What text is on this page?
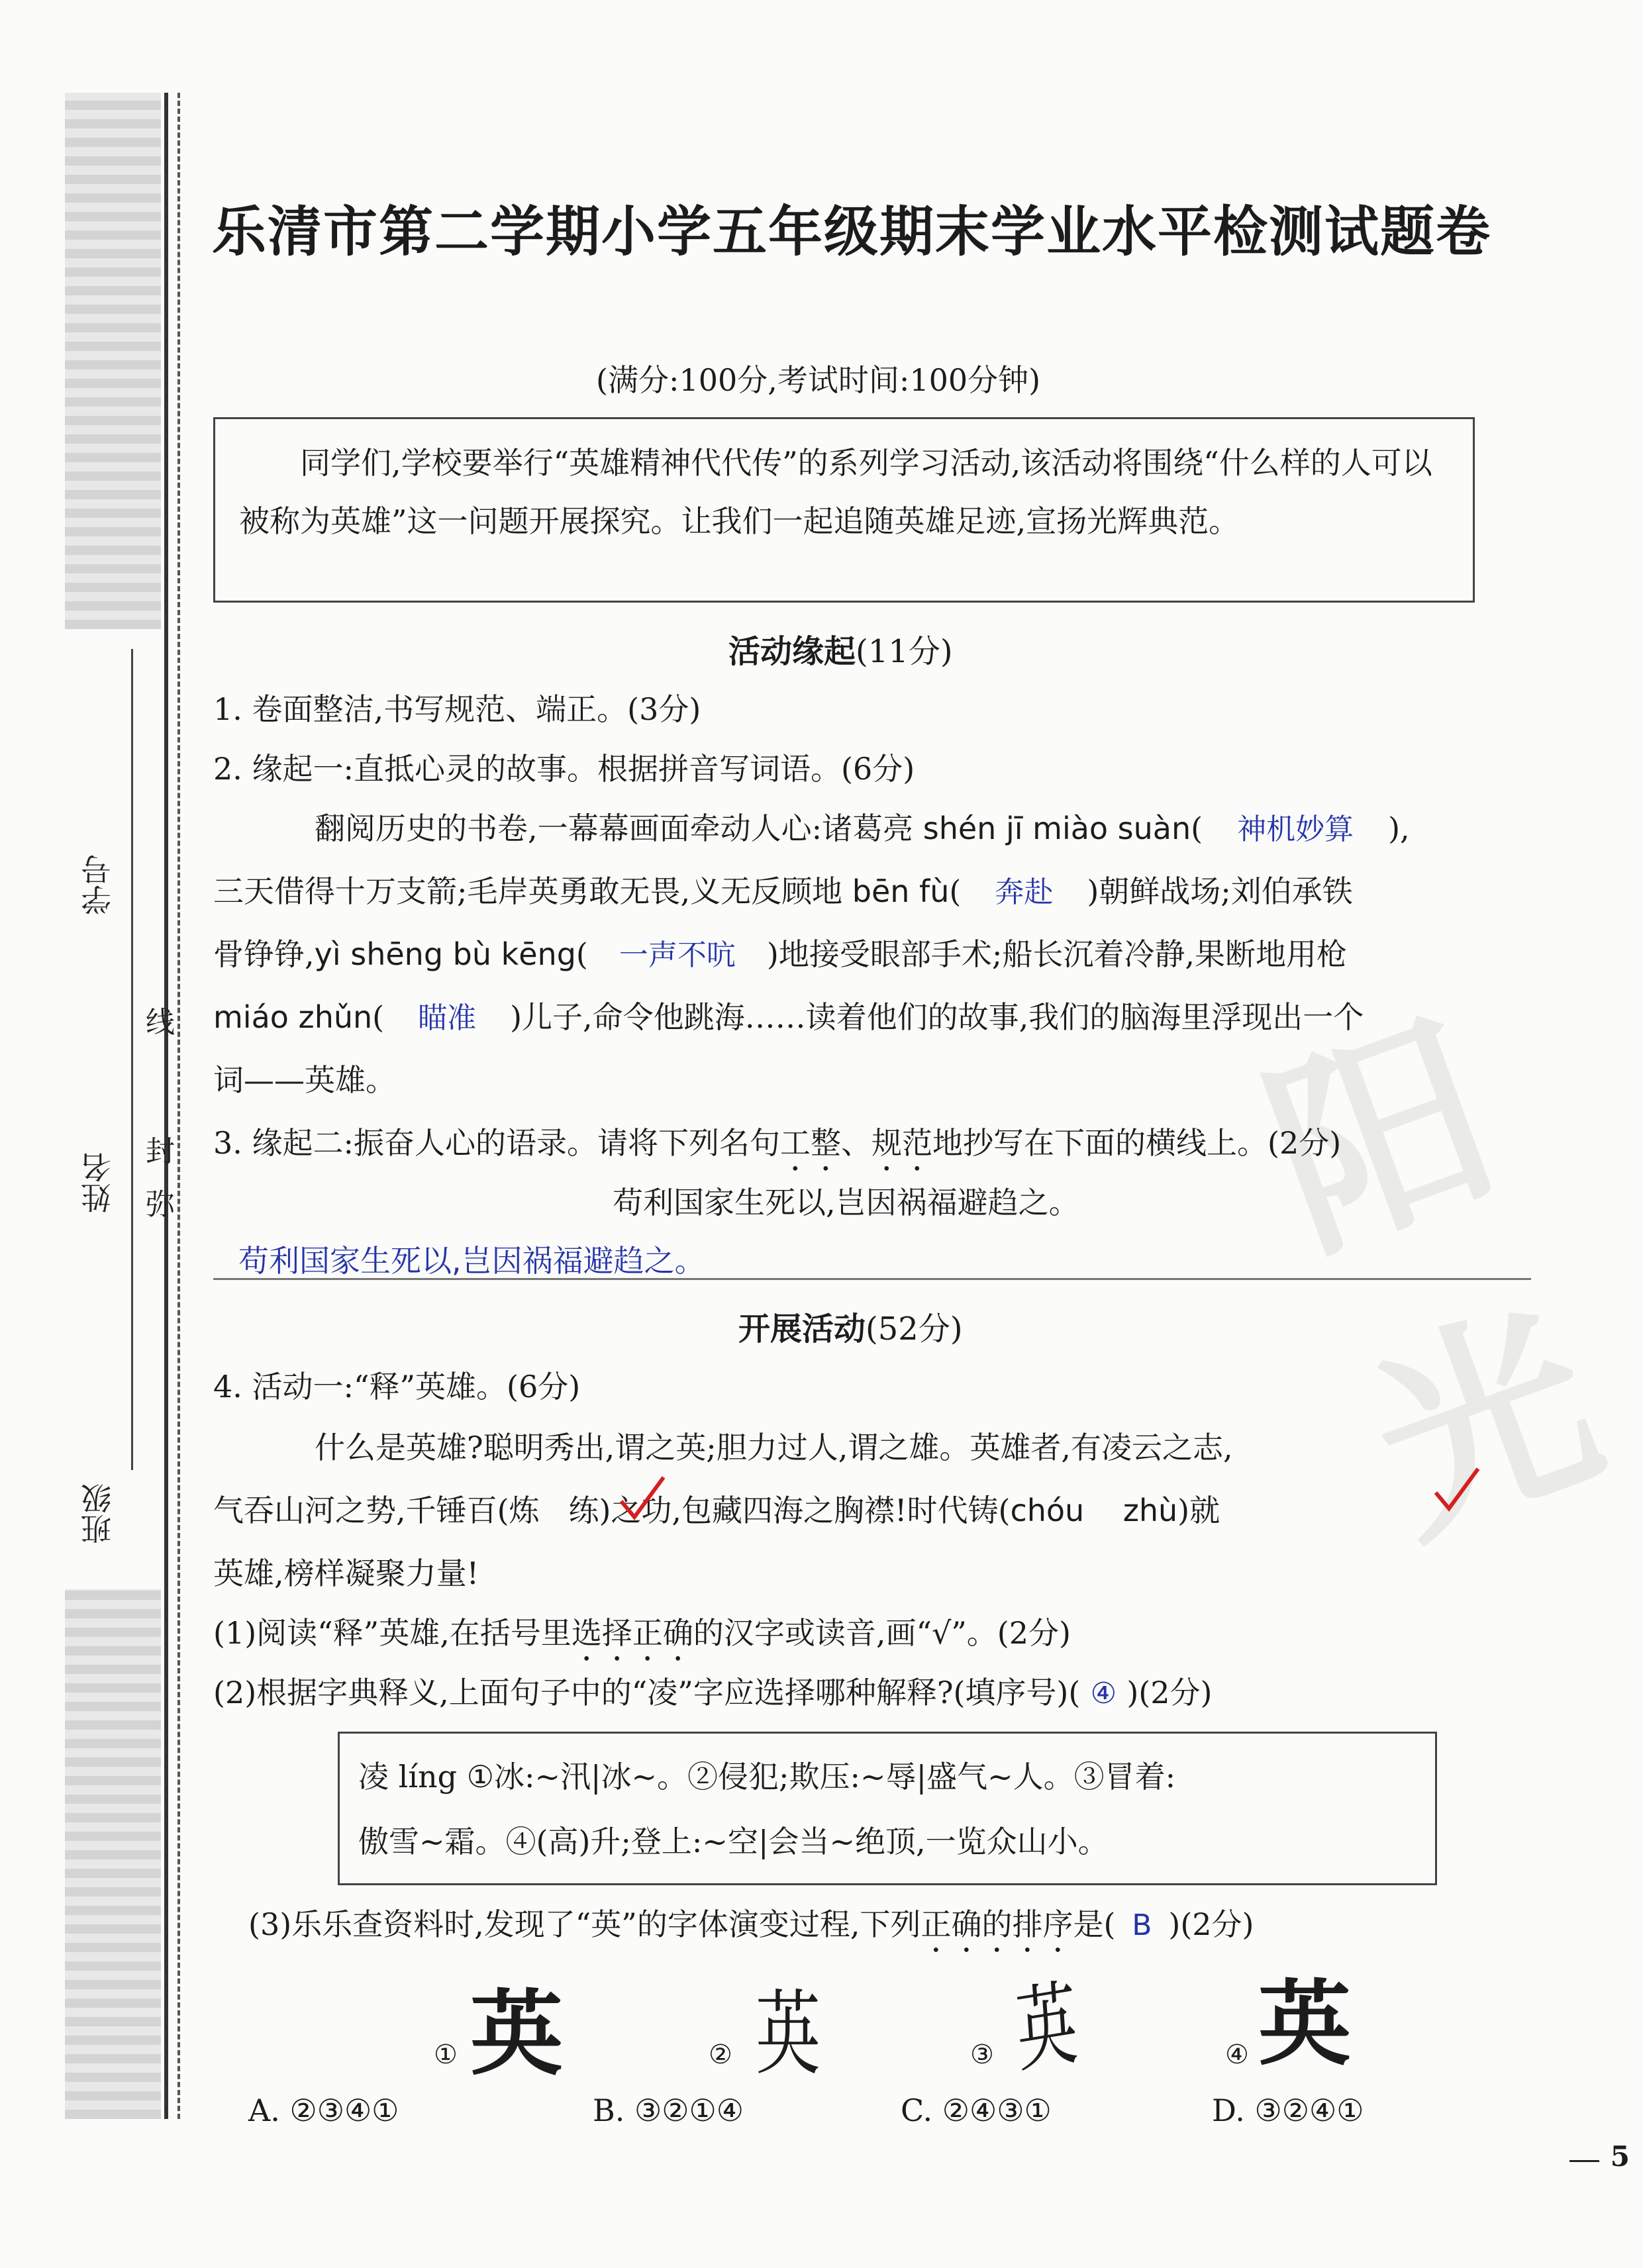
班级
姓名
学号
弥
封
线	阳光
乐清市第二学期小学五年级期末学业水平检测试题卷
(满分:100分,考试时间:100分钟)

同学们,学校要举行“英雄精神代代传”的系列学习活动,该活动将围绕“什么样的人可以被称为英雄”这一问题开展探究。让我们一起追随英雄足迹,宣扬光辉典范。

活动缘起(11分)
1. 卷面整洁,书写规范、端正。(3分)
2. 缘起一:直抵心灵的故事。根据拼音写词语。(6分)
翻阅历史的书卷,一幕幕画面牵动人心:诸葛亮 shén jī miào suàn( 神机妙算 ),
三天借得十万支箭;毛岸英勇敢无畏,义无反顾地 bēn fù( 奔赴 )朝鲜战场;刘伯承铁
骨铮铮,yì shēng bù kēng( 一声不吭 )地接受眼部手术;船长沉着冷静,果断地用枪
miáo zhǔn( 瞄准 )儿子,命令他跳海……读着他们的故事,我们的脑海里浮现出一个
词——英雄。
3. 缘起二:振奋人心的语录。请将下列名句工整、规范地抄写在下面的横线上。(2分)
苟利国家生死以,岂因祸福避趋之。
苟利国家生死以,岂因祸福避趋之。
开展活动(52分)
4. 活动一:“释”英雄。(6分)
什么是英雄?聪明秀出,谓之英;胆力过人,谓之雄。英雄者,有凌云之志,
气吞山河之势,千锤百(炼 练)之功,包藏四海之胸襟!时代铸(chóu zhù)就
英雄,榜样凝聚力量!
(1)阅读“释”英雄,在括号里选择正确的汉字或读音,画“√”。(2分)
(2)根据字典释义,上面句子中的“凌”字应选择哪种解释?(填序号)( ④ )(2分)

凌 líng ①冰:~汛|冰~。②侵犯;欺压:~辱|盛气~人。③冒着:

傲雪~霜。④(高)升;登上:~空|会当~绝顶,一览众山小。

(3)乐乐查资料时,发现了“英”的字体演变过程,下列正确的排序是( B )(2分)
① 英	② 英	③ 英	④ 英
A. ②③④①	B. ③②①④	C. ②④③①	D. ③②④①
5
